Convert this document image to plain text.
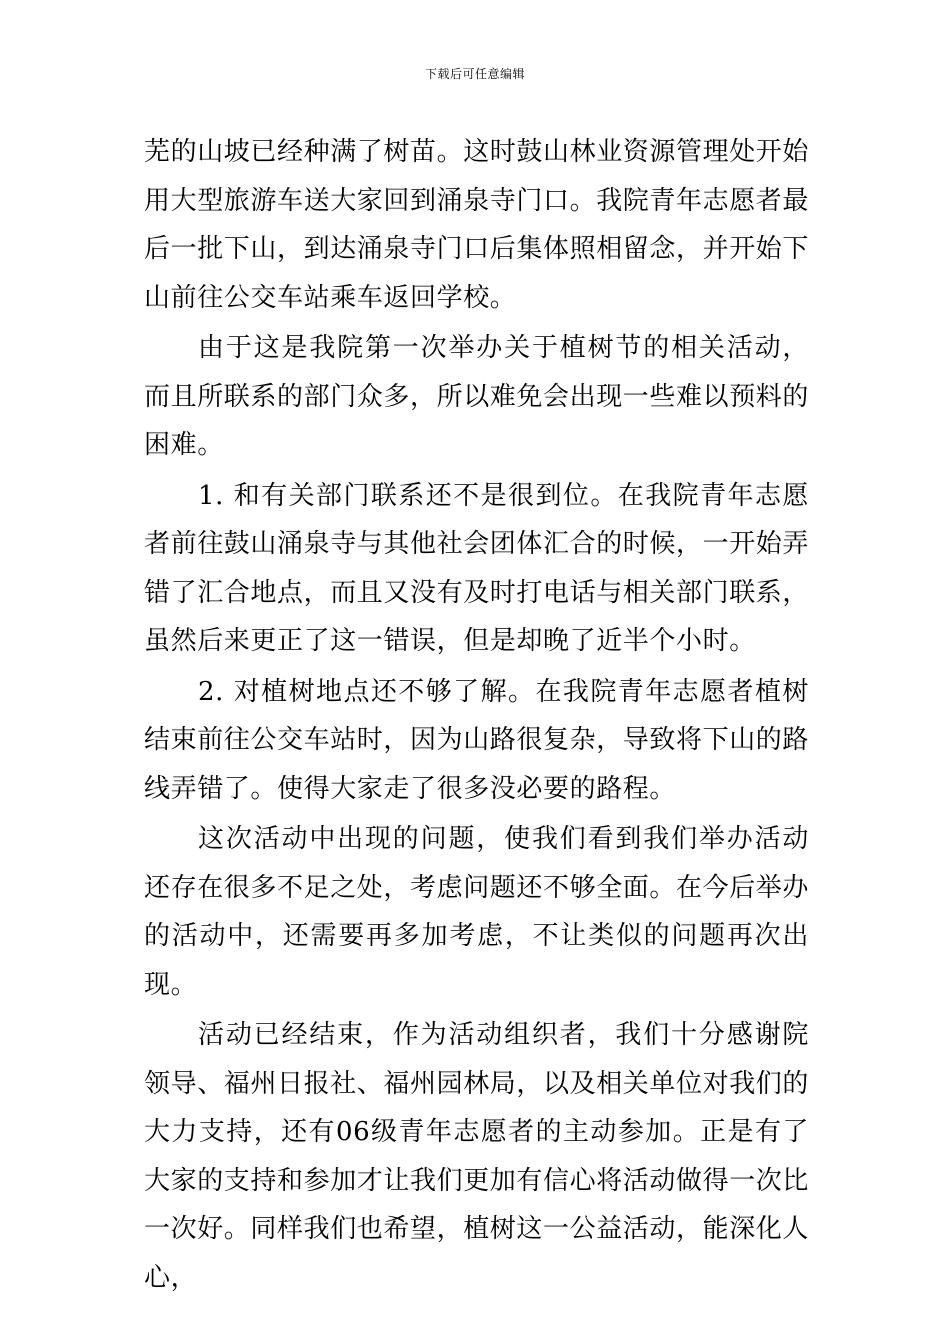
下载后可任意编辑

芜的山坡已经种满了树苗。这时鼓山林业资源管理处开始用大型旅游车送大家回到涌泉寺门口。我院青年志愿者最后一批下山，到达涌泉寺门口后集体照相留念，并开始下山前往公交车站乘车返回学校。

由于这是我院第一次举办关于植树节的相关活动，而且所联系的部门众多，所以难免会出现一些难以预料的困难。

1. 和有关部门联系还不是很到位。在我院青年志愿者前往鼓山涌泉寺与其他社会团体汇合的时候，一开始弄错了汇合地点，而且又没有及时打电话与相关部门联系，虽然后来更正了这一错误，但是却晚了近半个小时。

2. 对植树地点还不够了解。在我院青年志愿者植树结束前往公交车站时，因为山路很复杂，导致将下山的路线弄错了。使得大家走了很多没必要的路程。

这次活动中出现的问题，使我们看到我们举办活动还存在很多不足之处，考虑问题还不够全面。在今后举办的活动中，还需要再多加考虑，不让类似的问题再次出现。

活动已经结束，作为活动组织者，我们十分感谢院领导、福州日报社、福州园林局，以及相关单位对我们的大力支持，还有06级青年志愿者的主动参加。正是有了大家的支持和参加才让我们更加有信心将活动做得一次比一次好。同样我们也希望，植树这一公益活动，能深化人心，
